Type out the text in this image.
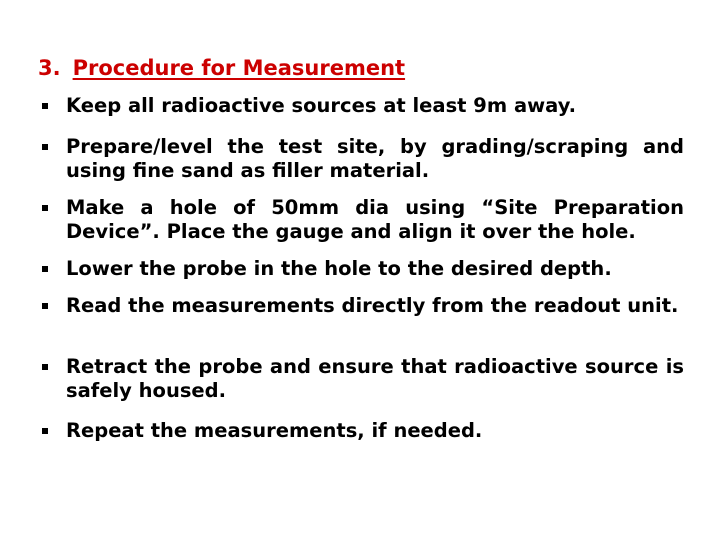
3. Procedure for Measurement
Keep all radioactive sources at least 9m away.
Prepare/level the test site, by grading/scraping and using fine sand as filler material.
Make a hole of 50mm dia using “Site Preparation Device”. Place the gauge and align it over the hole.
Lower the probe in the hole to the desired depth.
Read the measurements directly from the readout unit.
Retract the probe and ensure that radioactive source is safely housed.
Repeat the measurements, if needed.
